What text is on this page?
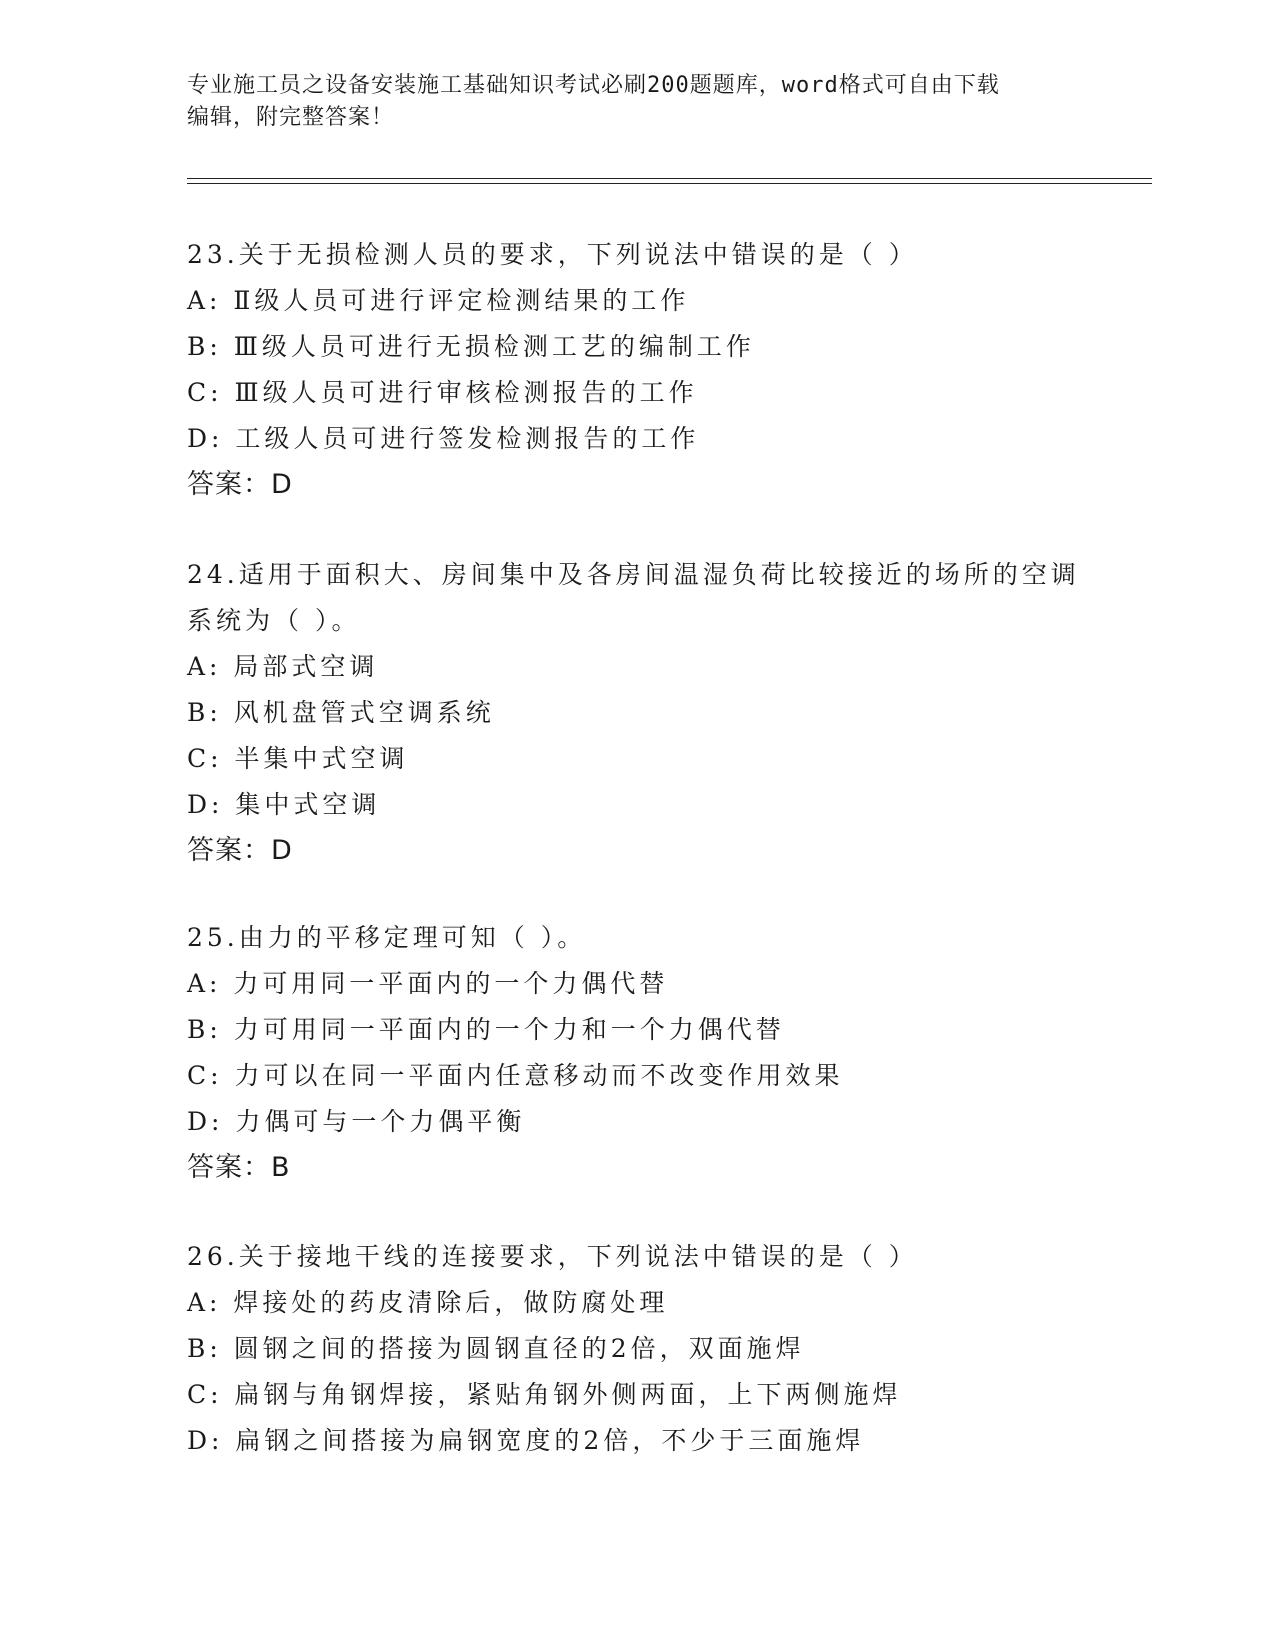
专业施工员之设备安装施工基础知识考试必刷200题题库，word格式可自由下载
编辑，附完整答案！
23.关于无损检测人员的要求，下列说法中错误的是（ ）
A: Ⅱ级人员可进行评定检测结果的工作
B: Ⅲ级人员可进行无损检测工艺的编制工作
C: Ⅲ级人员可进行审核检测报告的工作
D: 工级人员可进行签发检测报告的工作
答案：D
24.适用于面积大、房间集中及各房间温湿负荷比较接近的场所的空调
系统为（ ）。
A: 局部式空调
B: 风机盘管式空调系统
C: 半集中式空调
D: 集中式空调
答案：D
25.由力的平移定理可知（ ）。
A: 力可用同一平面内的一个力偶代替
B: 力可用同一平面内的一个力和一个力偶代替
C: 力可以在同一平面内任意移动而不改变作用效果
D: 力偶可与一个力偶平衡
答案：B
26.关于接地干线的连接要求，下列说法中错误的是（ ）
A: 焊接处的药皮清除后，做防腐处理
B: 圆钢之间的搭接为圆钢直径的2倍，双面施焊
C: 扁钢与角钢焊接，紧贴角钢外侧两面，上下两侧施焊
D: 扁钢之间搭接为扁钢宽度的2倍，不少于三面施焊
